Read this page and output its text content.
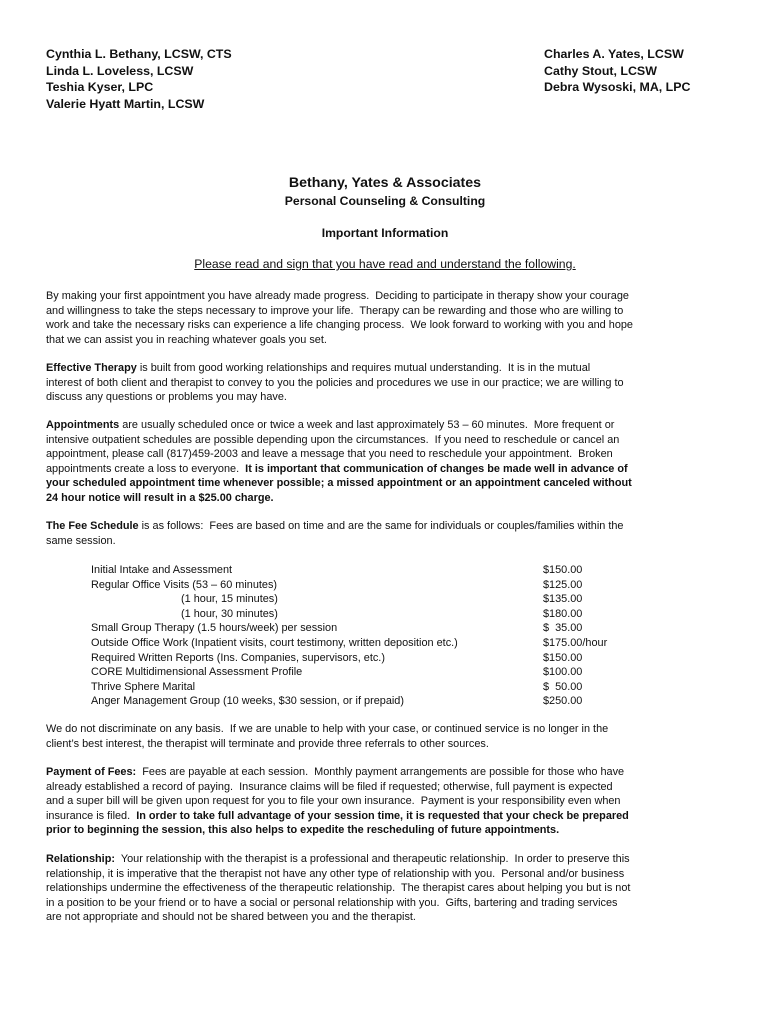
Cynthia L. Bethany, LCSW, CTS
Linda L. Loveless, LCSW
Teshia Kyser, LPC
Valerie Hyatt Martin, LCSW
Charles A. Yates, LCSW
Cathy Stout, LCSW
Debra Wysoski, MA, LPC
Bethany, Yates & Associates
Personal Counseling & Consulting
Important Information
Please read and sign that you have read and understand the following.
By making your first appointment you have already made progress.  Deciding to participate in therapy show your courage
and willingness to take the steps necessary to improve your life.  Therapy can be rewarding and those who are willing to
work and take the necessary risks can experience a life changing process.  We look forward to working with you and hope
that we can assist you in reaching whatever goals you set.
Effective Therapy is built from good working relationships and requires mutual understanding.  It is in the mutual
interest of both client and therapist to convey to you the policies and procedures we use in our practice; we are willing to
discuss any questions or problems you may have.
Appointments are usually scheduled once or twice a week and last approximately 53 – 60 minutes.  More frequent or
intensive outpatient schedules are possible depending upon the circumstances.  If you need to reschedule or cancel an
appointment, please call (817)459-2003 and leave a message that you need to reschedule your appointment.  Broken
appointments create a loss to everyone.  It is important that communication of changes be made well in advance of
your scheduled appointment time whenever possible; a missed appointment or an appointment canceled without
24 hour notice will result in a $25.00 charge.
The Fee Schedule is as follows:  Fees are based on time and are the same for individuals or couples/families within the
same session.
Initial Intake and Assessment	$150.00
Regular Office Visits (53 – 60 minutes)	$125.00
(1 hour, 15 minutes)	$135.00
(1 hour, 30 minutes)	$180.00
Small Group Therapy (1.5 hours/week) per session	$  35.00
Outside Office Work (Inpatient visits, court testimony, written deposition etc.)	$175.00/hour
Required Written Reports (Ins. Companies, supervisors, etc.)	$150.00
CORE Multidimensional Assessment Profile	$100.00
Thrive Sphere Marital	$  50.00
Anger Management Group (10 weeks, $30 session, or if prepaid)	$250.00
We do not discriminate on any basis.  If we are unable to help with your case, or continued service is no longer in the
client’s best interest, the therapist will terminate and provide three referrals to other sources.
Payment of Fees:  Fees are payable at each session.  Monthly payment arrangements are possible for those who have
already established a record of paying.  Insurance claims will be filed if requested; otherwise, full payment is expected
and a super bill will be given upon request for you to file your own insurance.  Payment is your responsibility even when
insurance is filed.  In order to take full advantage of your session time, it is requested that your check be prepared
prior to beginning the session, this also helps to expedite the rescheduling of future appointments.
Relationship:  Your relationship with the therapist is a professional and therapeutic relationship.  In order to preserve this
relationship, it is imperative that the therapist not have any other type of relationship with you.  Personal and/or business
relationships undermine the effectiveness of the therapeutic relationship.  The therapist cares about helping you but is not
in a position to be your friend or to have a social or personal relationship with you.  Gifts, bartering and trading services
are not appropriate and should not be shared between you and the therapist.
